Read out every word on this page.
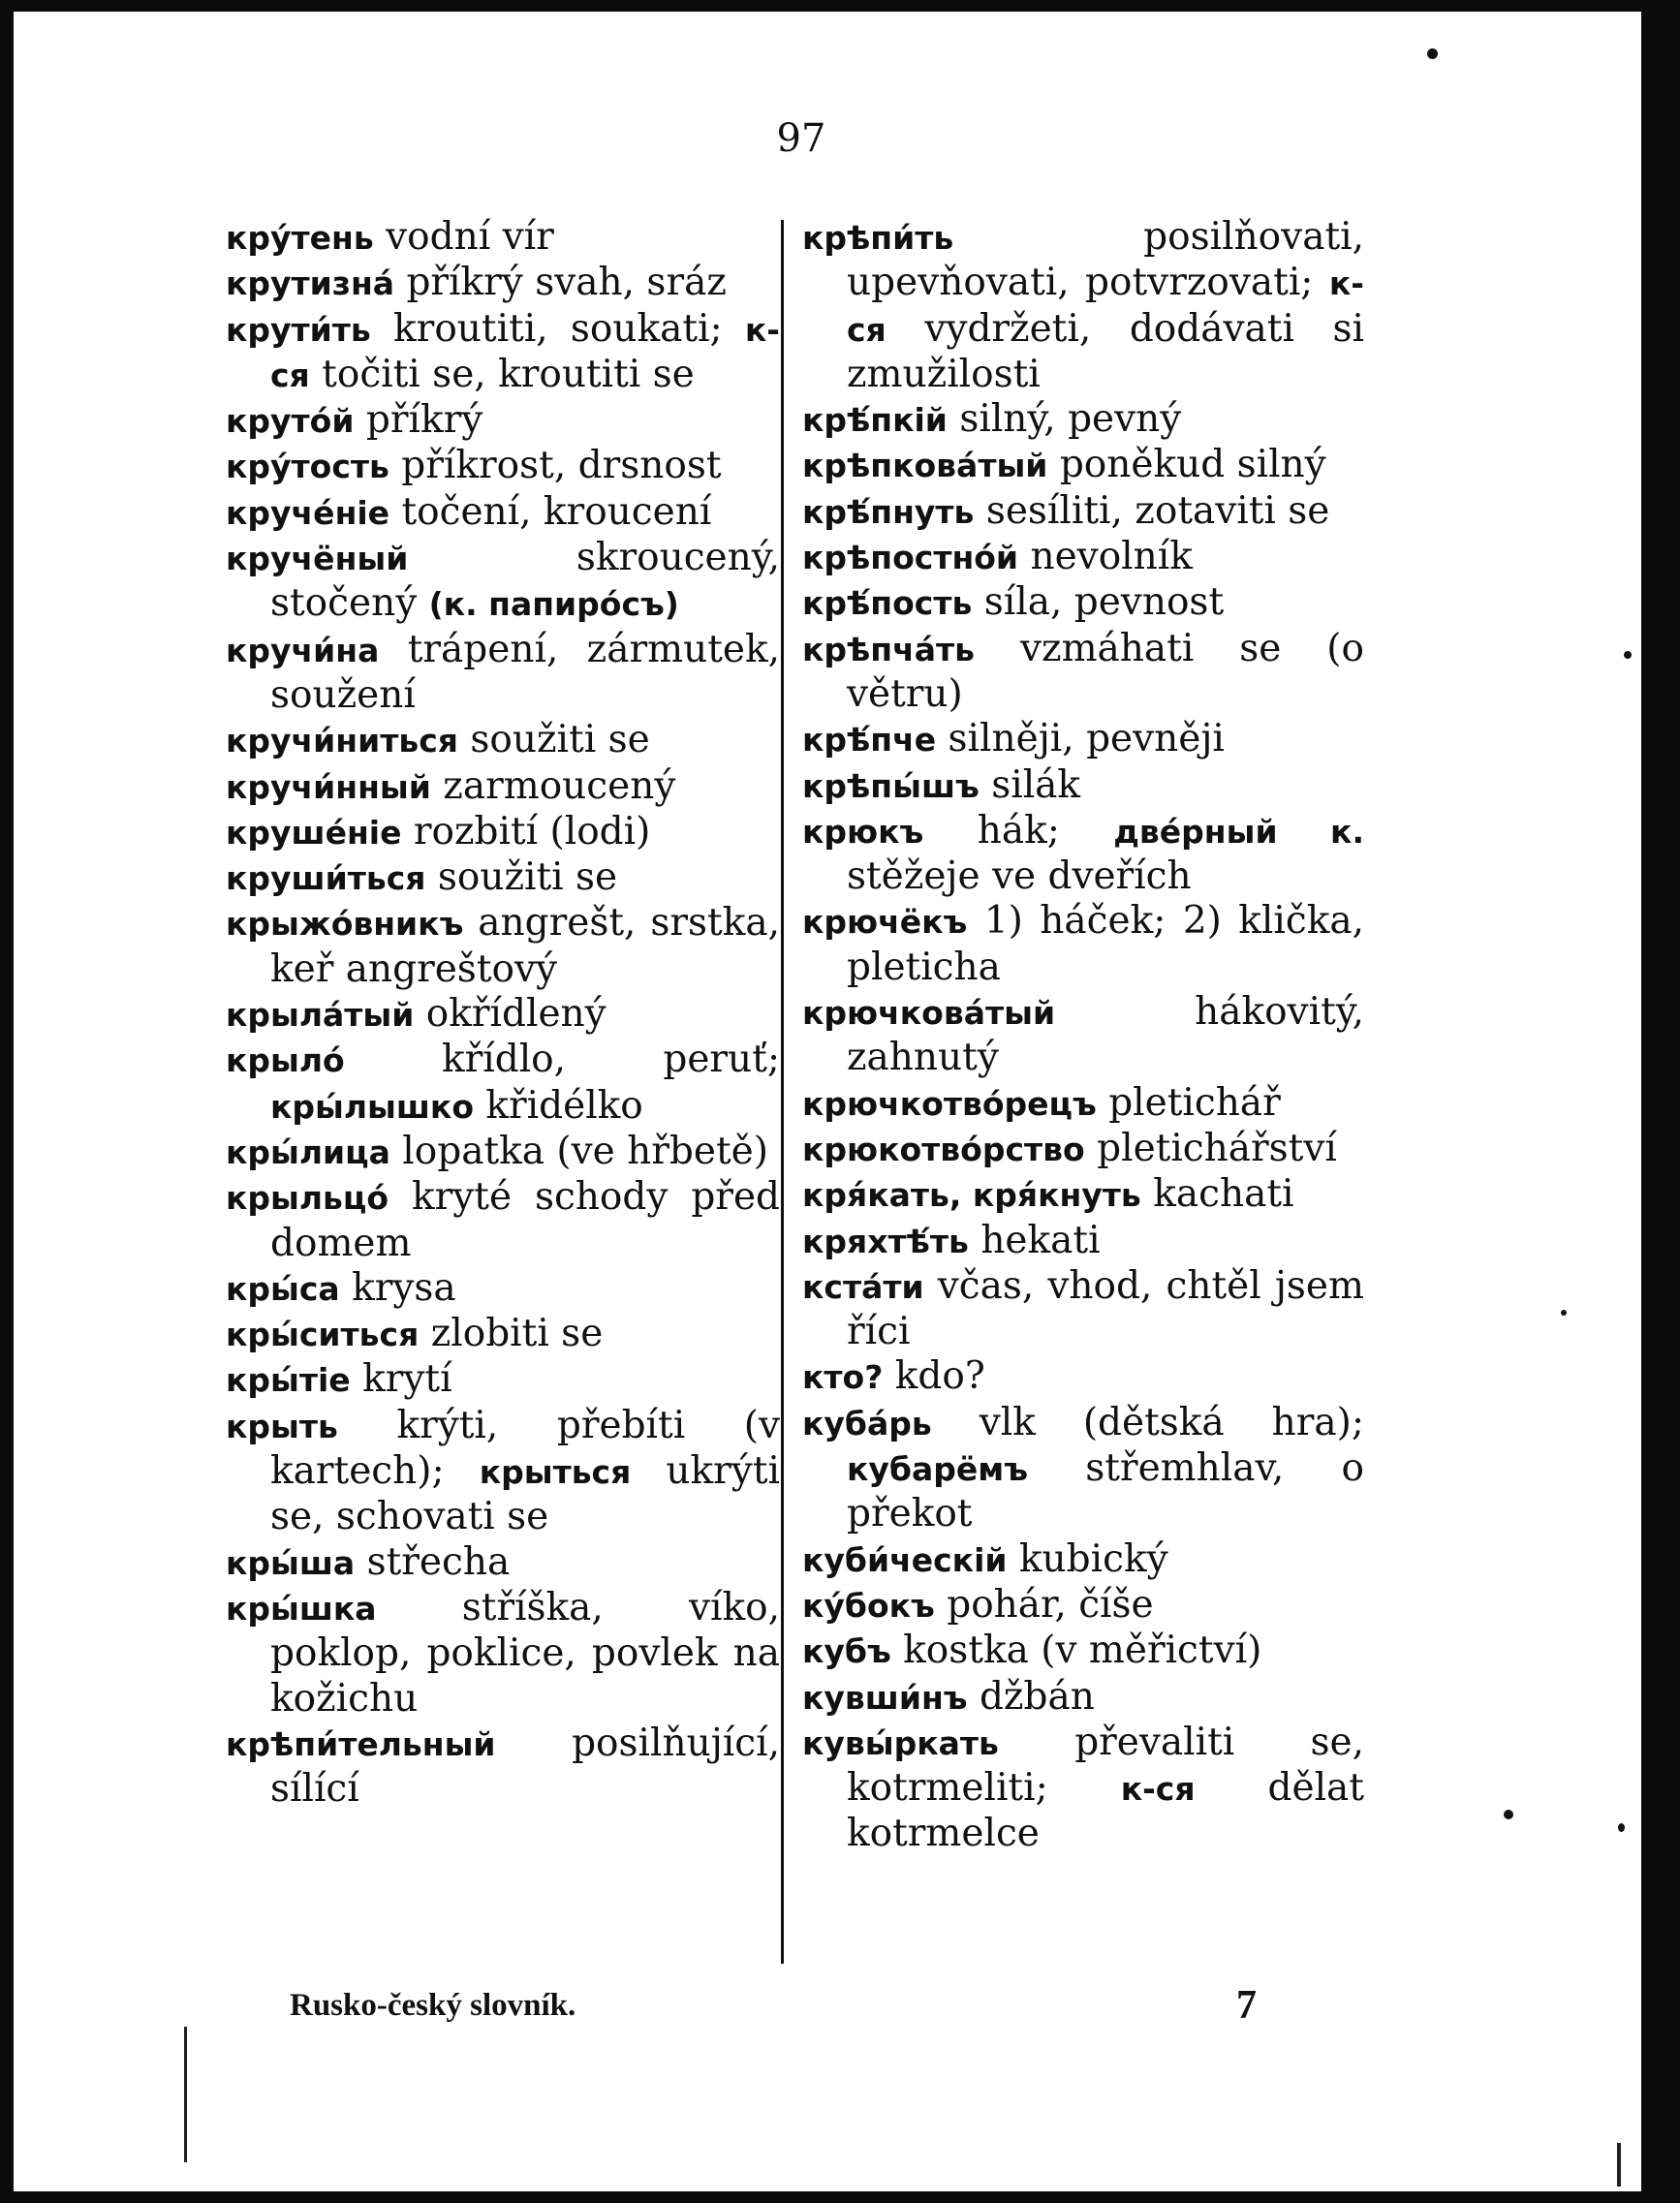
97
кру́тень vodní vír
крутизна́ příkrý svah, sráz
крути́ть kroutiti, soukati; к-ся točiti se, kroutiti se
круто́й příkrý
кру́тость příkrost, drsnost
круче́нiе točení, kroucení
кручёный	skroucený, stočený (к. папиро́съ)
кручи́на trápení, zármutek, soužení
кручи́ниться soužiti se
кручи́нный zarmoucený
круше́нiе rozbití (lodi)
круши́ться soužiti se
крыжо́вникъ angrešt, srstka, keř angreštový
крыла́тый okřídlený
крыло́	křídlo, peruť; кры́лышко křidélko
кры́лица lopatka (ve hřbetě)
крыльцо́ kryté schody před domem
кры́са krysa
кры́ситься zlobiti se
кры́тiе krytí
крыть krýti, přebíti (v kartech); крыться ukrýti se, schovati se
кры́ша střecha
кры́шка stříška, víko, poklop, poklice, povlek na kožichu
крѣпи́тельный posilňující, sílící
крѣпи́ть	posilňovati, upevňovati, potvrzovati; к-ся vydržeti, dodávati si zmužilosti
крѣ́пкiй silný, pevný
крѣпкова́тый poněkud silný
крѣ́пнуть sesíliti, zotaviti se
крѣпостно́й nevolník
крѣ́пость síla, pevnost
крѣпча́ть vzmáhati se (o větru)
крѣ́пче silněji, pevněji
крѣпы́шъ silák
крюкъ hák; две́рный к. stěžeje ve dveřích
крючёкъ 1) háček; 2) klička, pleticha
крючкова́тый	hákovitý, zahnutý
крючкотво́рецъ pletichář
крюкотво́рство pletichářství
кря́кать, кря́кнуть kachati
кряхтѣ́ть hekati
кста́ти včas, vhod, chtěl jsem říci
кто? kdo?
куба́рь vlk (dětská hra); кубарёмъ střemhlav, o překot
куби́ческiй kubický
ку́бокъ pohár, číše
кубъ kostka (v měřictví)
кувши́нъ džbán
кувы́ркать převaliti se, kotrmeliti; к-ся dělat kotrmelce
Rusko-český slovník.	7
